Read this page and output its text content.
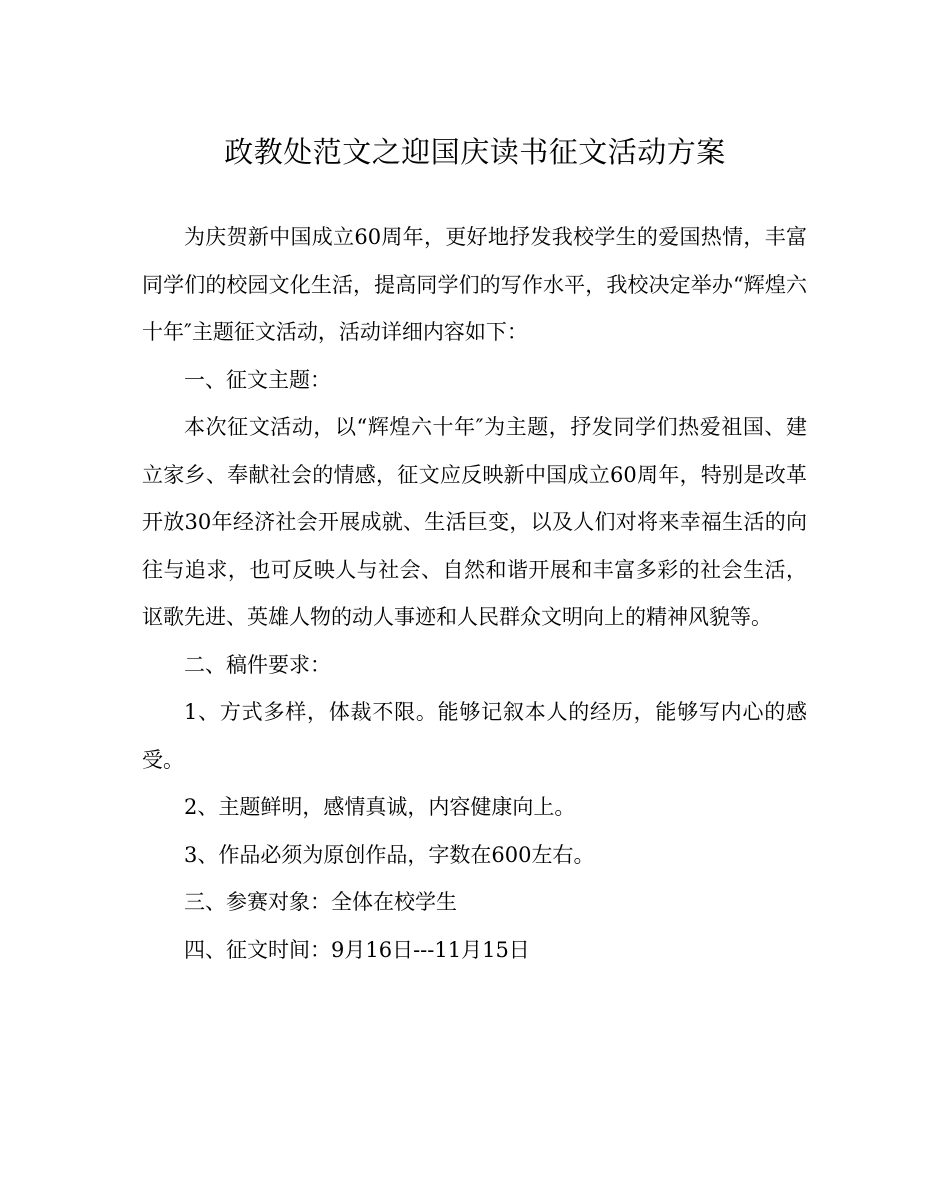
政教处范文之迎国庆读书征文活动方案

为庆贺新中国成立60周年，更好地抒发我校学生的爱国热情，丰富同学们的校园文化生活，提高同学们的写作水平，我校决定举办“辉煌六十年″主题征文活动，活动详细内容如下：

一、征文主题：

本次征文活动，以“辉煌六十年″为主题，抒发同学们热爱祖国、建立家乡、奉献社会的情感，征文应反映新中国成立60周年，特别是改革开放30年经济社会开展成就、生活巨变，以及人们对将来幸福生活的向往与追求，也可反映人与社会、自然和谐开展和丰富多彩的社会生活，讴歌先进、英雄人物的动人事迹和人民群众文明向上的精神风貌等。

二、稿件要求：

1、方式多样，体裁不限。能够记叙本人的经历，能够写内心的感受。

2、主题鲜明，感情真诚，内容健康向上。

3、作品必须为原创作品，字数在600左右。

三、参赛对象：全体在校学生

四、征文时间：9月16日---11月15日
